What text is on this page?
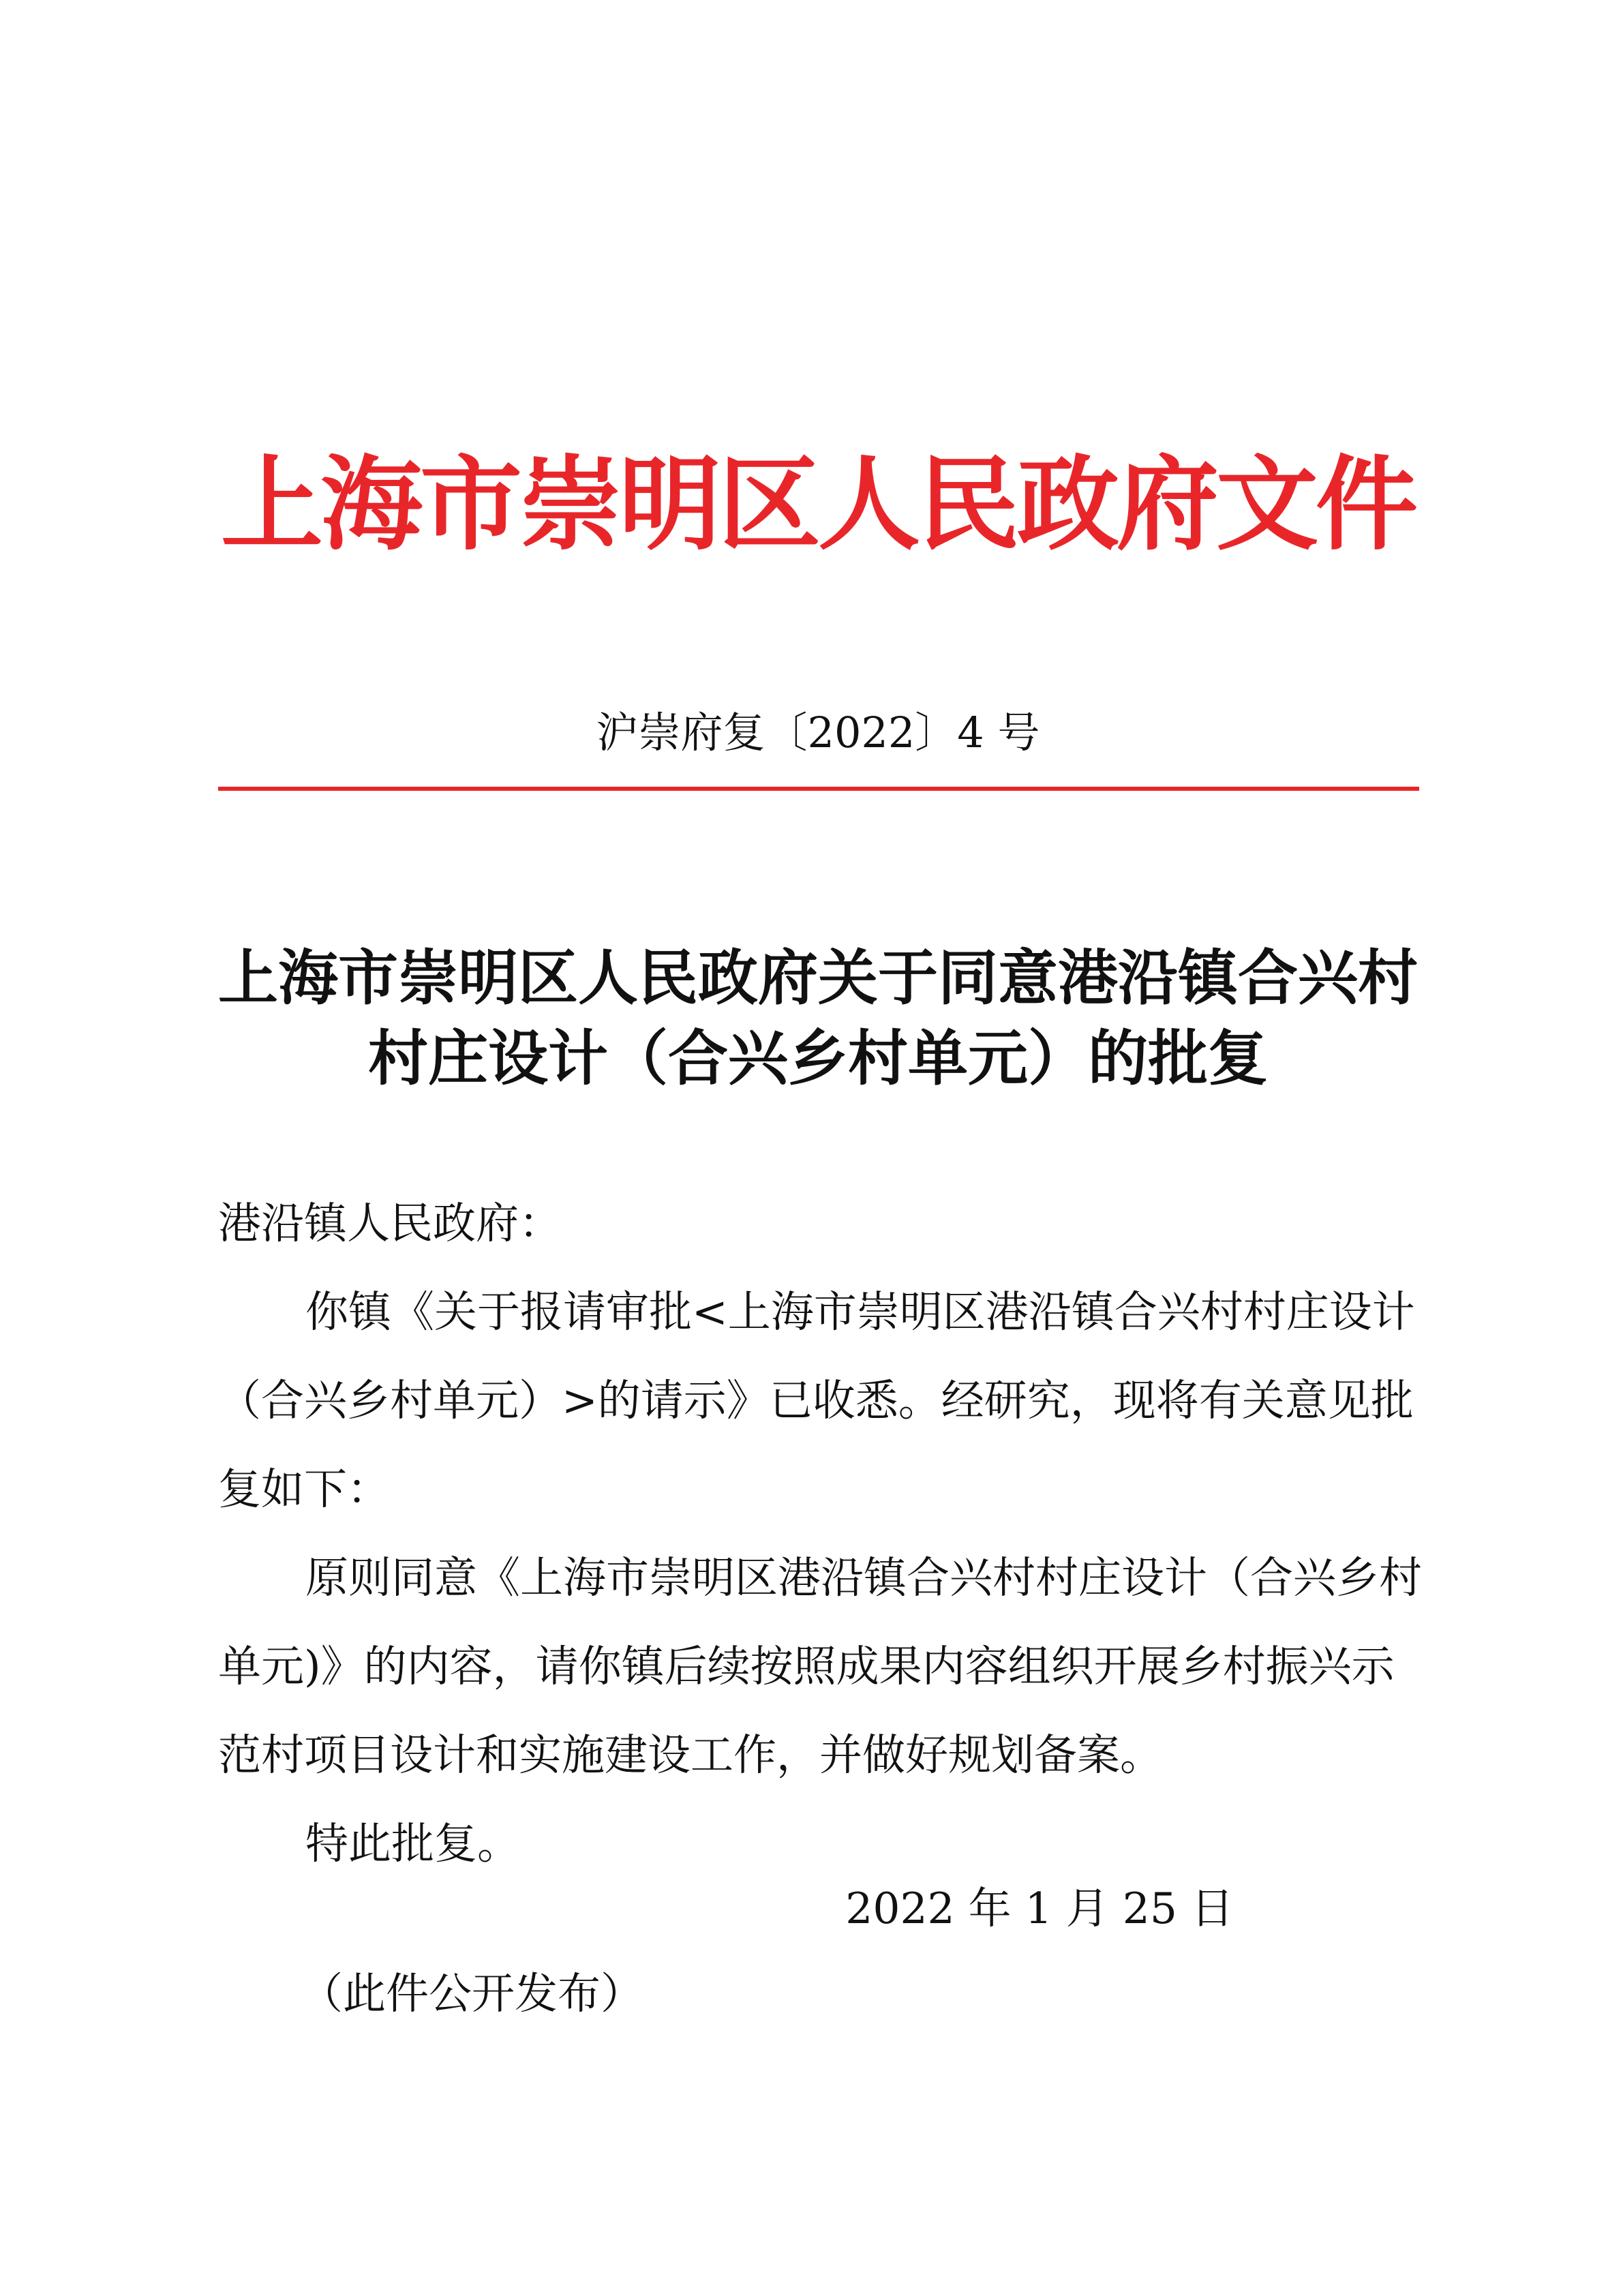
上海市崇明区人民政府文件
沪崇府复〔2022〕4 号
上海市崇明区人民政府关于同意港沿镇合兴村
村庄设计（合兴乡村单元）的批复

港沿镇人民政府：

你镇《关于报请审批<上海市崇明区港沿镇合兴村村庄设计（合兴乡村单元）>的请示》已收悉。经研究，现将有关意见批复如下：

原则同意《上海市崇明区港沿镇合兴村村庄设计（合兴乡村单元)》的内容，请你镇后续按照成果内容组织开展乡村振兴示范村项目设计和实施建设工作，并做好规划备案。

特此批复。

2022 年 1 月 25 日
（此件公开发布）
